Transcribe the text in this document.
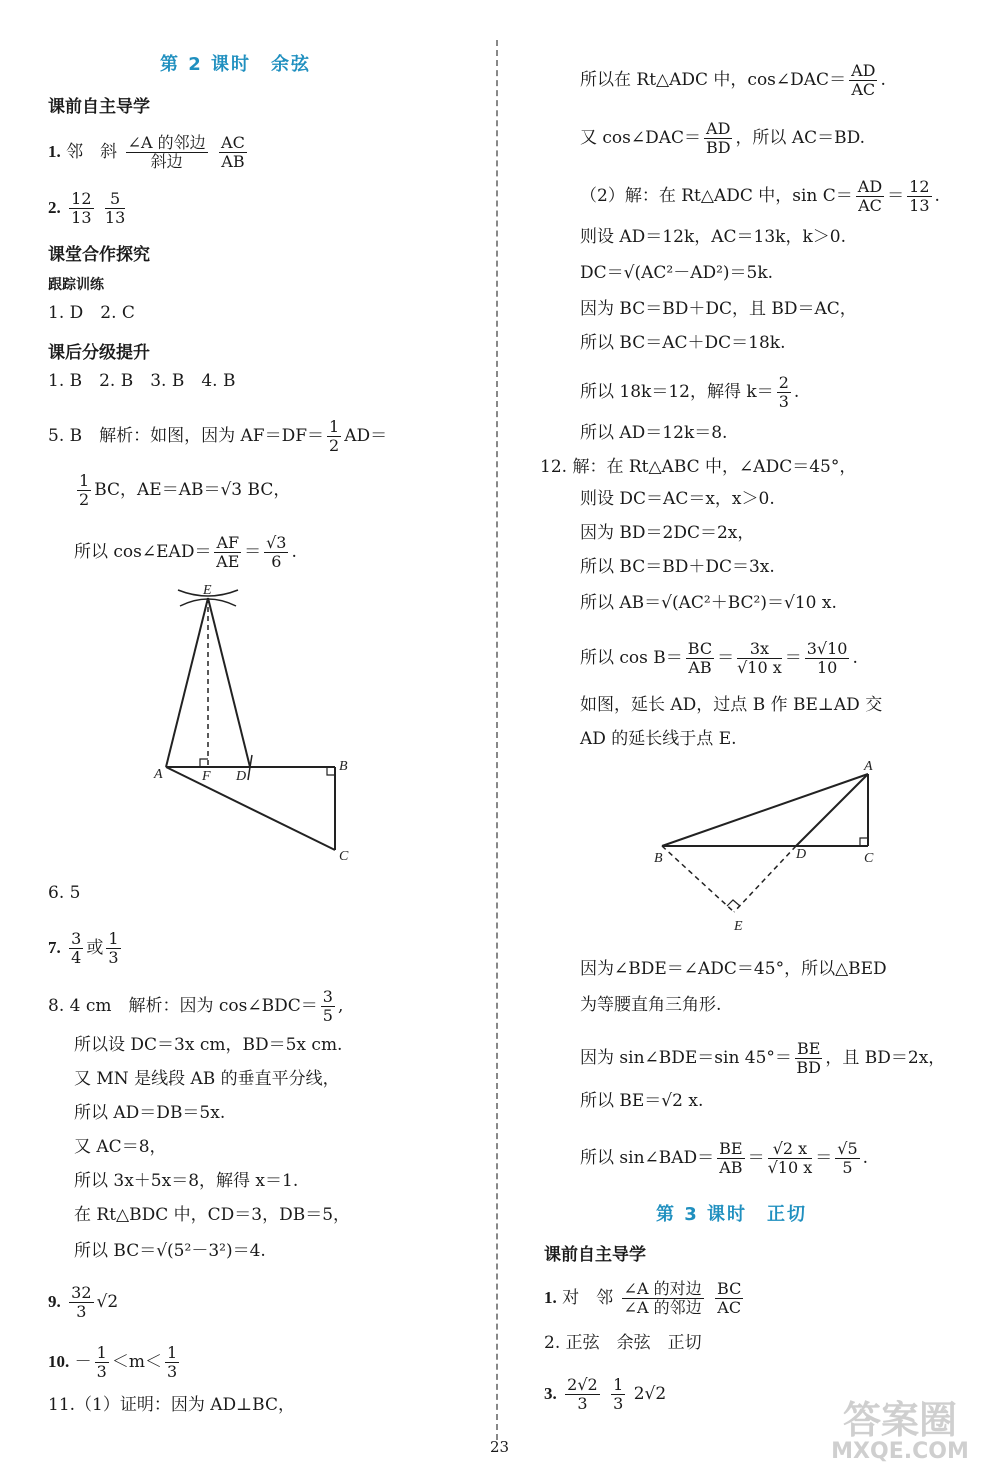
第 2 课时　余弦
课前自主导学
1. 邻　斜 $\frac{\text{∠A 的邻边}}{\text{斜边}}$
$\frac{AC}{AB}$
2. $\frac{12}{13}$
$\frac{5}{13}$
课堂合作探究
跟踪训练
1. D　2. C
课后分级提升
1. B　2. B　3. B　4. B
5. B　解析：如图，因为 $AF=DF= \frac{1}{2} AD=$
$\frac{1}{2}$ BC，AE＝AB＝√3 BC，
所以 cos∠EAD＝ $\frac{AF}{AE} = \frac{√3}{6}$ .
E
A	F D
B
C
6. 5
7. $\frac{3}{4}$ 或 $\frac{1}{3}$
8. 4 cm　解析：因为 cos∠BDC＝ $\frac{3}{5}$ ,
所以设 DC＝3x cm，BD＝5x cm.
又 MN 是线段 AB 的垂直平分线，
所以 AD＝DB＝5x.
又 AC＝8，
所以 3x＋5x＝8，解得 x＝1.
在 Rt△BDC 中，CD＝3，DB＝5，
所以 BC＝√(5²－3²)＝4.
9. $\frac{32}{3} √2$
10. － $\frac{1}{3} <m< \frac{1}{3}$
11.（1）证明：因为 AD⊥BC，
所以在 Rt△ADC 中，cos∠DAC＝ $\frac{AD}{AC}$ .
又 cos∠DAC＝ $\frac{AD}{BD}$ ，所以 AC＝BD.
（2）解：在 Rt△ADC 中，$\sin C= \frac{AD}{AC} = \frac{12}{13}$ .
则设 AD＝12k，AC＝13k，k＞0.
DC＝√(AC²－AD²)＝5k.
因为 BC＝BD＋DC，且 BD＝AC，
所以 BC＝AC＋DC＝18k.
所以 18k＝12，解得 $k= \frac{2}{3}$ .
所以 AD＝12k＝8.
12. 解：在 Rt△ABC 中，∠ADC＝45°，
则设 DC＝AC＝x，x＞0.
因为 BD＝2DC＝2x，
所以 BC＝BD＋DC＝3x.
所以 AB＝√(AC²＋BC²)＝√10 x.
所以 $\cos B= \frac{BC}{AB} = \frac{3x}{√10 x} = \frac{3√10}{10}$ .
如图，延长 AD，过点 B 作 BE⊥AD 交
AD 的延长线于点 E.
A
B	D	C
E
因为∠BDE＝∠ADC＝45°，所以△BED
为等腰直角三角形.
因为 sin∠BDE＝sin $45^\circ= \frac{BE}{BD}$ ，且 BD＝2x，
所以 BE＝√2 x.
所以 sin∠BAD＝ $\frac{BE}{AB} = \frac{√2 x}{√10 x} = \frac{√5}{5}$ .
第 3 课时　正切
课前自主导学
1. 对　邻 $\frac{\text{∠A 的对边}}{\text{∠A 的邻边}}$
$\frac{BC}{AC}$
2. 正弦　余弦　正切
3. $\frac{2√2}{3}$
$\frac{1}{3} 2√2$
23
答案圈
MXQE.COM
